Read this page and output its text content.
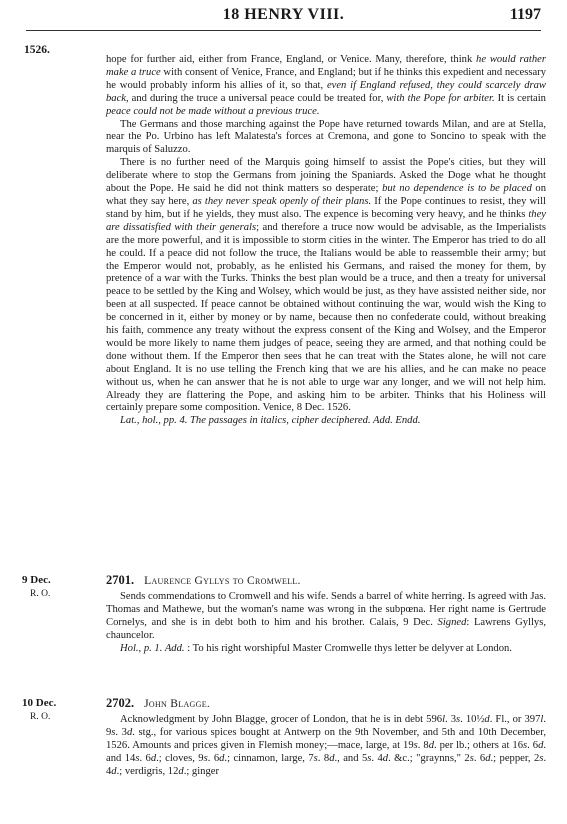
18 HENRY VIII.	1197
1526.

hope for further aid, either from France, England, or Venice. Many, therefore, think he would rather make a truce with consent of Venice, France, and England; but if he thinks this expedient and necessary he would probably inform his allies of it, so that, even if England refused, they could scarcely draw back, and during the truce a universal peace could be treated for, with the Pope for arbiter. It is certain peace could not be made without a previous truce.

The Germans and those marching against the Pope have returned towards Milan, and are at Stella, near the Po. Urbino has left Malatesta's forces at Cremona, and gone to Soncino to speak with the marquis of Saluzzo.

There is no further need of the Marquis going himself to assist the Pope's cities, but they will deliberate where to stop the Germans from joining the Spaniards. Asked the Doge what he thought about the Pope. He said he did not think matters so desperate; but no dependence is to be placed on what they say here, as they never speak openly of their plans. If the Pope continues to resist, they will stand by him, but if he yields, they must also. The expence is becoming very heavy, and he thinks they are dissatisfied with their generals; and therefore a truce now would be advisable, as the Imperialists are the more powerful, and it is impossible to storm cities in the winter. The Emperor has tried to do all he could. If a peace did not follow the truce, the Italians would be able to reassemble their army; but the Emperor would not, probably, as he enlisted his Germans, and raised the money for them, by pretence of a war with the Turks. Thinks the best plan would be a truce, and then a treaty for universal peace to be settled by the King and Wolsey, which would be just, as they have assisted neither side, nor been at all suspected. If peace cannot be obtained without continuing the war, would wish the King to be concerned in it, either by money or by name, because then no confederate could, without breaking his faith, commence any treaty without the express consent of the King and Wolsey, and the Emperor would be more likely to name them judges of peace, seeing they are armed, and that nothing could be done without them. If the Emperor then sees that he can treat with the States alone, he will not care about England. It is no use telling the French king that we are his allies, and he can make no peace without us, when he can answer that he is not able to urge war any longer, and we will not help him. Already they are flattering the Pope, and asking him to be arbiter. Thinks that his Holiness will certainly prepare some composition. Venice, 8 Dec. 1526.

Lat., hol., pp. 4. The passages in italics, cipher deciphered. Add. Endd.

9 Dec.
R. O.
2701. Laurence Gyllys to Cromwell.

Sends commendations to Cromwell and his wife. Sends a barrel of white herring. Is agreed with Jas. Thomas and Mathewe, but the woman's name was wrong in the subpœna. Her right name is Gertrude Cornelys, and she is in debt both to him and his brother. Calais, 9 Dec. Signed: Lawrens Gyllys, chauncelor.

Hol., p. 1. Add. : To his right worshipful Master Cromwelle thys letter be delyver at London.

10 Dec.
R. O.
2702. John Blagge.

Acknowledgment by John Blagge, grocer of London, that he is in debt 596l. 3s. 10½d. Fl., or 397l. 9s. 3d. stg., for various spices bought at Antwerp on the 9th November, and 5th and 10th December, 1526. Amounts and prices given in Flemish money;—mace, large, at 19s. 8d. per lb.; others at 16s. 6d. and 14s. 6d.; cloves, 9s. 6d.; cinnamon, large, 7s. 8d., and 5s. 4d. &c.; "graynns," 2s. 6d.; pepper, 2s. 4d.; verdigris, 12d.; ginger
